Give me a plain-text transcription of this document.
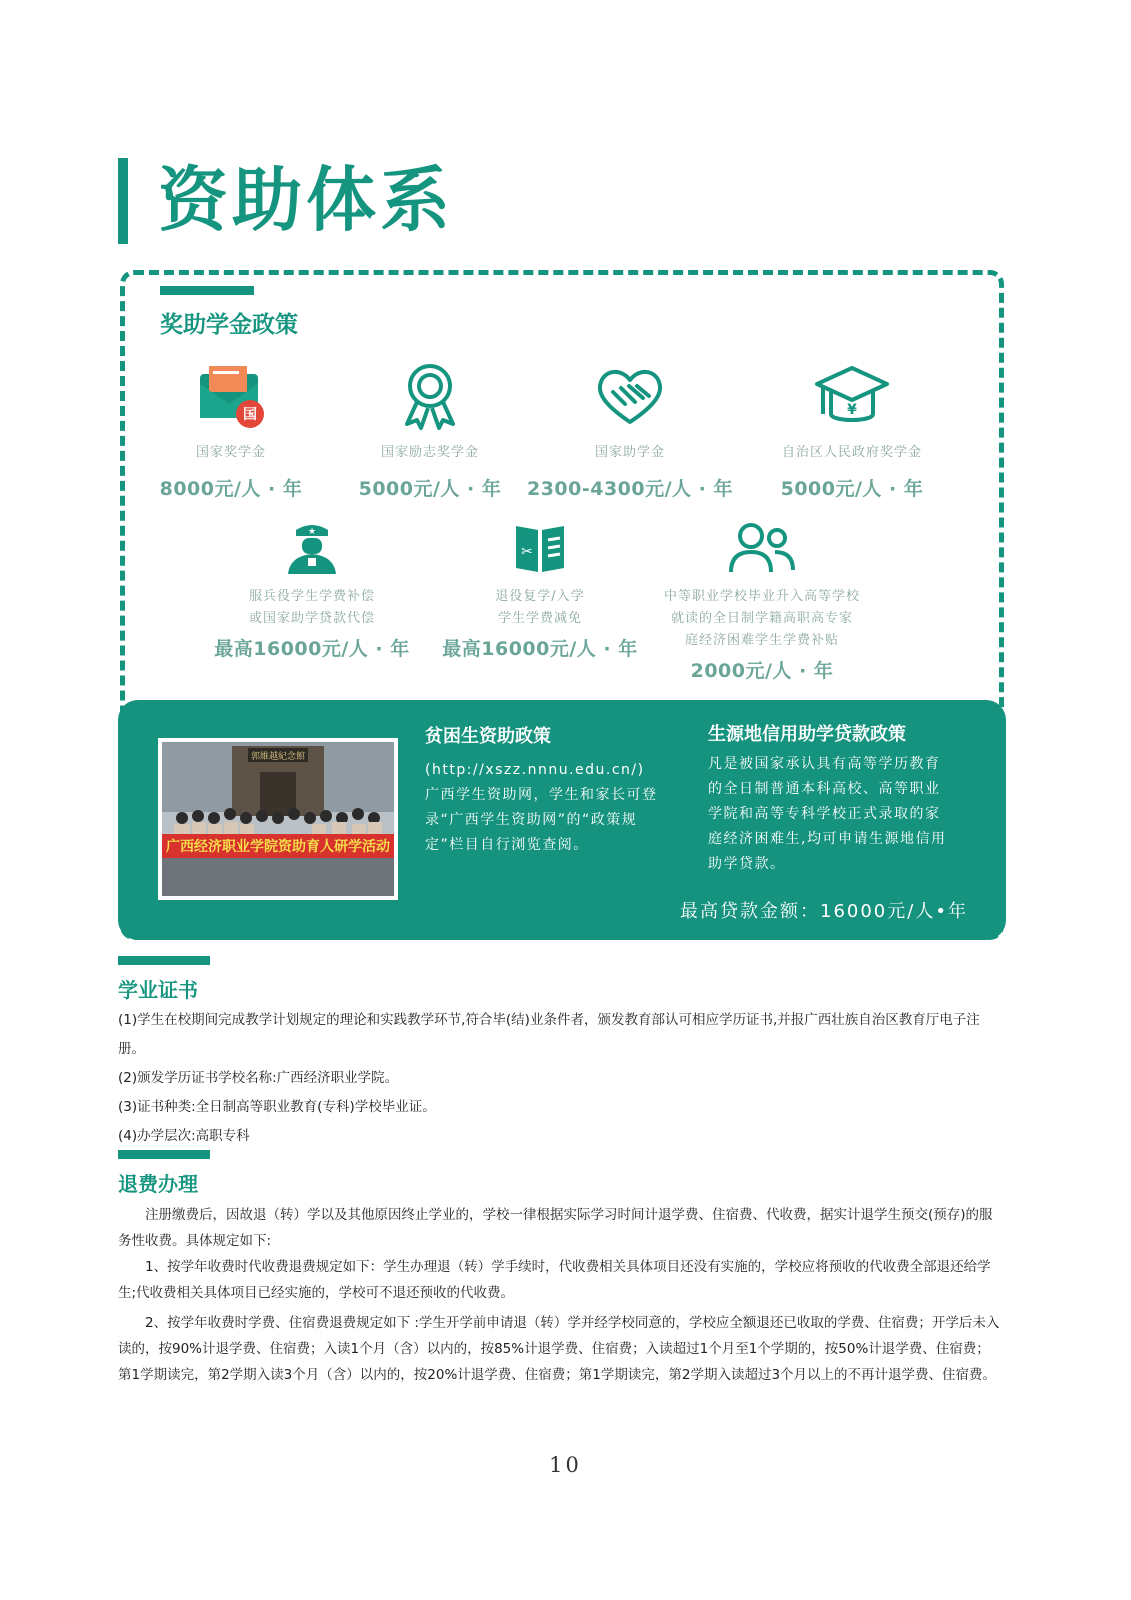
资助体系
奖助学金政策
国
国家奖学金
8000元/人 · 年
国家励志奖学金
5000元/人 · 年
国家助学金
2300-4300元/人 · 年
¥
自治区人民政府奖学金
5000元/人 · 年
★
服兵役学生学费补偿
或国家助学贷款代偿
最高16000元/人 · 年
✂
退役复学/入学
学生学费减免
最高16000元/人 · 年
中等职业学校毕业升入高等学校
就读的全日制学籍高职高专家
庭经济困难学生学费补贴
2000元/人 · 年
郭維越紀念館
广西经济职业学院资助育人研学活动
贫困生资助政策
(http://xszz.nnnu.edu.cn/)
广西学生资助网，学生和家长可登
录“广西学生资助网”的“政策规
定”栏目自行浏览查阅。
生源地信用助学贷款政策
凡是被国家承认具有高等学历教育
的全日制普通本科高校、高等职业
学院和高等专科学校正式录取的家
庭经济困难生,均可申请生源地信用
助学贷款。
最高贷款金额：16000元/人•年
学业证书

(1)学生在校期间完成教学计划规定的理论和实践教学环节,符合毕(结)业条件者，颁发教育部认可相应学历证书,并报广西壮族自治区教育厅电子注册。

(2)颁发学历证书学校名称:广西经济职业学院。

(3)证书种类:全日制高等职业教育(专科)学校毕业证。

(4)办学层次:高职专科

退费办理

注册缴费后，因故退（转）学以及其他原因终止学业的，学校一律根据实际学习时间计退学费、住宿费、代收费，据实计退学生预交(预存)的服务性收费。具体规定如下:

1、按学年收费时代收费退费规定如下：学生办理退（转）学手续时，代收费相关具体项目还没有实施的，学校应将预收的代收费全部退还给学生;代收费相关具体项目已经实施的，学校可不退还预收的代收费。

2、按学年收费时学费、住宿费退费规定如下 :学生开学前申请退（转）学并经学校同意的，学校应全额退还已收取的学费、住宿费；开学后未入读的，按90%计退学费、住宿费；入读1个月（含）以内的，按85%计退学费、住宿费；入读超过1个月至1个学期的，按50%计退学费、住宿费；第1学期读完，第2学期入读3个月（含）以内的，按20%计退学费、住宿费；第1学期读完，第2学期入读超过3个月以上的不再计退学费、住宿费。

10
